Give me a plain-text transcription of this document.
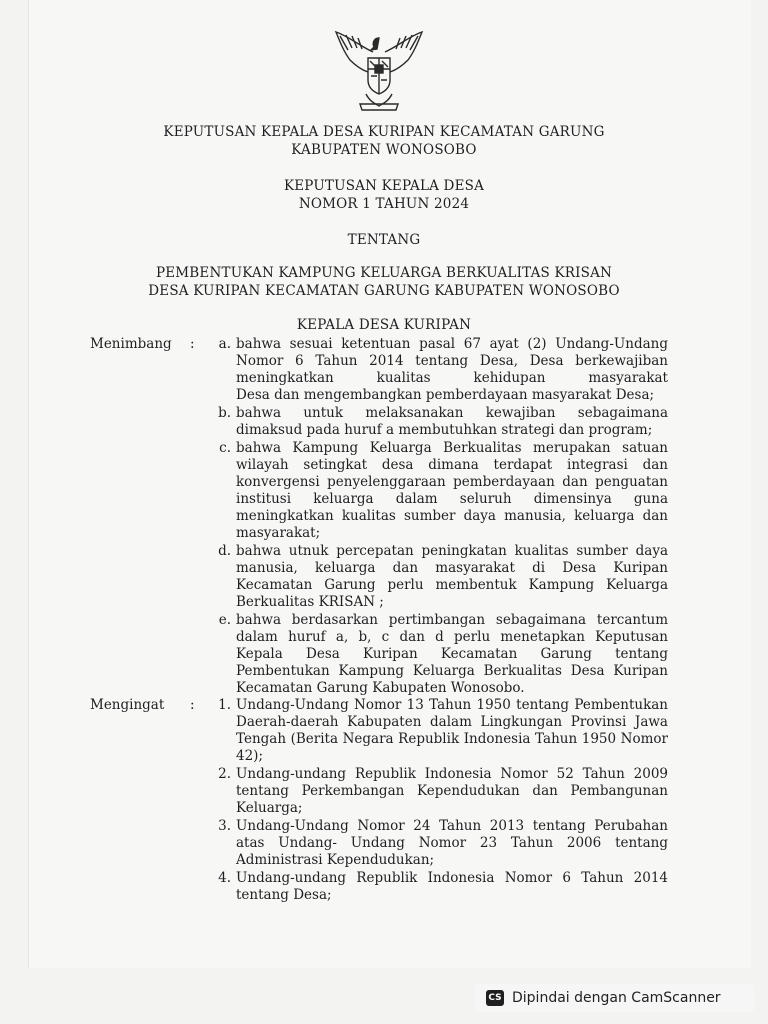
KEPUTUSAN KEPALA DESA KURIPAN KECAMATAN GARUNG
KABUPATEN WONOSOBO
KEPUTUSAN KEPALA DESA
NOMOR 1 TAHUN 2024
TENTANG
PEMBENTUKAN KAMPUNG KELUARGA BERKUALITAS KRISAN
DESA KURIPAN KECAMATAN GARUNG KABUPATEN WONOSOBO
KEPALA DESA KURIPAN
Menimbang :	a. bahwa sesuai ketentuan pasal 67 ayat (2) Undang-Undang
Nomor 6 Tahun 2014 tentang Desa, Desa berkewajiban
meningkatkan kualitas kehidupan masyarakat
Desa dan mengembangkan pemberdayaan masyarakat Desa;
b. bahwa untuk melaksanakan kewajiban sebagaimana
dimaksud pada huruf a membutuhkan strategi dan program;
c. bahwa Kampung Keluarga Berkualitas merupakan satuan
wilayah setingkat desa dimana terdapat integrasi dan
konvergensi penyelenggaraan pemberdayaan dan penguatan
institusi keluarga dalam seluruh dimensinya guna
meningkatkan kualitas sumber daya manusia, keluarga dan
masyarakat;
d. bahwa utnuk percepatan peningkatan kualitas sumber daya
manusia, keluarga dan masyarakat di Desa Kuripan
Kecamatan Garung perlu membentuk Kampung Keluarga
Berkualitas KRISAN ;
e. bahwa berdasarkan pertimbangan sebagaimana tercantum
dalam huruf a, b, c dan d perlu menetapkan Keputusan
Kepala Desa Kuripan Kecamatan Garung tentang
Pembentukan Kampung Keluarga Berkualitas Desa Kuripan
Kecamatan Garung Kabupaten Wonosobo.
Mengingat :	1. Undang-Undang Nomor 13 Tahun 1950 tentang Pembentukan
Daerah-daerah Kabupaten dalam Lingkungan Provinsi Jawa
Tengah (Berita Negara Republik Indonesia Tahun 1950 Nomor
42);
2. Undang-undang Republik Indonesia Nomor 52 Tahun 2009
tentang Perkembangan Kependudukan dan Pembangunan
Keluarga;
3. Undang-Undang Nomor 24 Tahun 2013 tentang Perubahan
atas Undang- Undang Nomor 23 Tahun 2006 tentang
Administrasi Kependudukan;
4. Undang-undang Republik Indonesia Nomor 6 Tahun 2014
tentang Desa;
CS Dipindai dengan CamScanner
